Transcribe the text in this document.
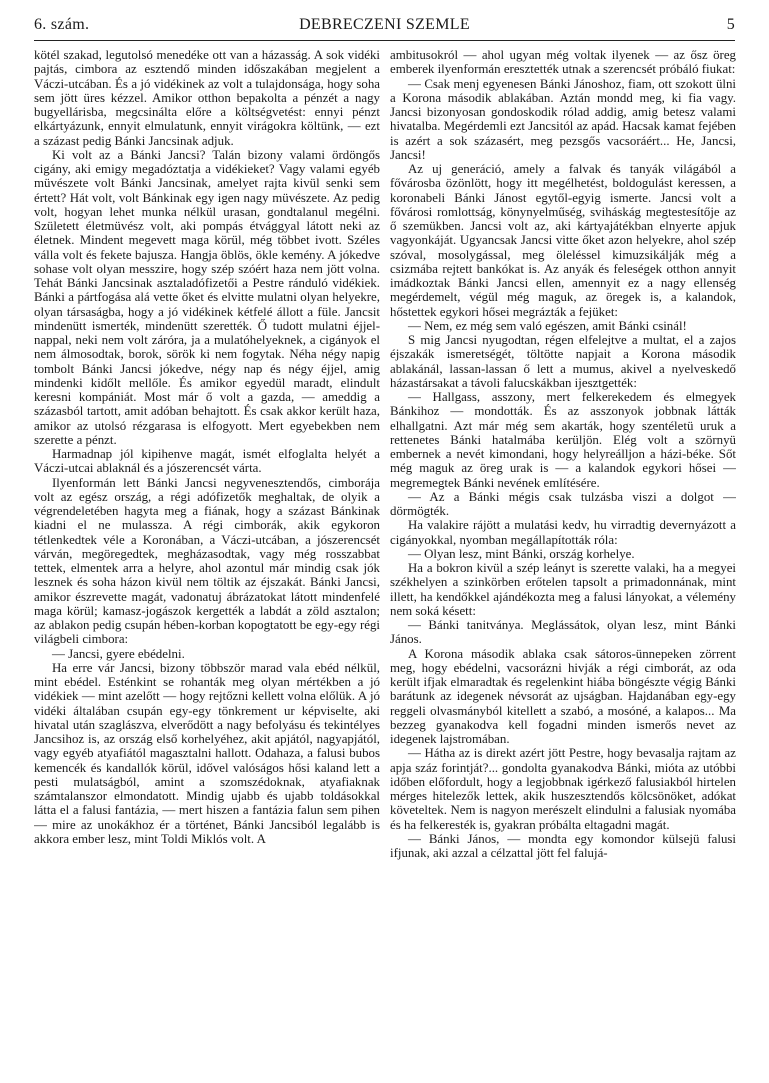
6. szám.	DEBRECZENI SZEMLE	5

kötél szakad, legutolsó menedéke ott van a házasság. A sok vidéki pajtás, cimbora az esztendő minden időszakában megjelent a Váczi-utcában. És a jó vidékinek az volt a tulajdonsága, hogy soha sem jött üres kézzel. Amikor otthon bepakolta a pénzét a nagy bugyellárisba, megcsinálta előre a költségvetést: ennyi pénzt elkártyázunk, ennyit elmulatunk, ennyit virágokra költünk, — ezt a százast pedig Bánki Jancsinak adjuk.

Ki volt az a Bánki Jancsi? Talán bizony valami ördöngős cigány, aki emigy megadóztatja a vidékieket? Vagy valami egyéb müvészete volt Bánki Jancsinak, amelyet rajta kivül senki sem értett? Hát volt, volt Bánkinak egy igen nagy müvészete. Az pedig volt, hogyan lehet munka nélkül urasan, gondtalanul megélni. Született életmüvész volt, aki pompás étvággyal látott neki az életnek. Mindent megevett maga körül, még többet ivott. Széles válla volt és fekete bajusza. Hangja öblös, ökle kemény. A jókedve sohase volt olyan messzire, hogy szép szóért haza nem jött volna. Tehát Bánki Jancsinak asztaladófizetői a Pestre ránduló vidékiek. Bánki a pártfogása alá vette őket és elvitte mulatni olyan helyekre, olyan társaságba, hogy a jó vidékinek kétfelé állott a füle. Jancsit mindenütt ismerték, mindenütt szerették. Ő tudott mulatni éjjel-nappal, neki nem volt záróra, ja a mulatóhelyeknek, a cigányok el nem álmosodtak, borok, sörök ki nem fogytak. Néha négy napig tombolt Bánki Jancsi jókedve, négy nap és négy éjjel, amig mindenki kidőlt mellőle. És amikor egyedül maradt, elindult keresni kompániát. Most már ő volt a gazda, — ameddig a százasból tartott, amit adóban behajtott. És csak akkor került haza, amikor az utolsó rézgarasa is elfogyott. Mert egyebekben nem szerette a pénzt.

Harmadnap jól kipihenve magát, ismét elfoglalta helyét a Váczi-utcai ablaknál és a jószerencsét várta.

Ilyenformán lett Bánki Jancsi negyvenesztendős, cimborája volt az egész ország, a régi adófizetők meghaltak, de olyik a végrendeletében hagyta meg a fiának, hogy a százast Bánkinak kiadni el ne mulassza. A régi cimborák, akik egykoron tétlenkedtek véle a Koronában, a Váczi-utcában, a jószerencsét várván, megöregedtek, megházasodtak, vagy még rosszabbat tettek, elmentek arra a helyre, ahol azontul már mindig csak jók lesznek és soha házon kivül nem töltik az éjszakát. Bánki Jancsi, amikor észrevette magát, vadonatuj ábrázatokat látott mindenfelé maga körül; kamasz-jogászok kergették a labdát a zöld asztalon; az ablakon pedig csupán hében-korban kopogtatott be egy-egy régi világbeli cimbora:

— Jancsi, gyere ebédelni.

Ha erre vár Jancsi, bizony többször marad vala ebéd nélkül, mint ebédel. Esténkint se rohanták meg olyan mértékben a jó vidékiek — mint azelőtt — hogy rejtőzni kellett volna előlük. A jó vidéki általában csupán egy-egy tönkrement ur képviselte, aki hivatal után szaglászva, elverődött a nagy befolyásu és tekintélyes Jancsihoz is, az ország első korhelyéhez, akit apjától, nagyapjától, vagy egyéb atyafiától magasztalni hallott. Odahaza, a falusi bubos kemencék és kandallók körül, idővel valóságos hősi kaland lett a pesti mulatságból, amint a szomszédoknak, atyafiaknak számtalanszor elmondatott. Mindig ujabb és ujabb toldásokkal látta el a falusi fantázia, — mert hiszen a fantázia falun sem pihen — mire az unokákhoz ér a történet, Bánki Jancsiból legalább is akkora ember lesz, mint Toldi Miklós volt. A

ambitusokról — ahol ugyan még voltak ilyenek — az ősz öreg emberek ilyenformán eresztették utnak a szerencsét próbáló fiukat:

— Csak menj egyenesen Bánki Jánoshoz, fiam, ott szokott ülni a Korona második ablakában. Aztán mondd meg, ki fia vagy. Jancsi bizonyosan gondoskodik rólad addig, amig betesz valami hivatalba. Megérdemli ezt Jancsitól az apád. Hacsak kamat fejében is azért a sok százasért, meg pezsgős vacsoráért... He, Jancsi, Jancsi!

Az uj generáció, amely a falvak és tanyák világából a fővárosba özönlött, hogy itt megélhetést, boldogulást keressen, a koronabeli Bánki Jánost egytől-egyig ismerte. Jancsi volt a fővárosi romlottság, könynyelműség, sviháskág megtestesítője az ő szemükben. Jancsi volt az, aki kártyajátékban elnyerte apjuk vagyonkáját. Ugyancsak Jancsi vitte őket azon helyekre, ahol szép szóval, mosolygással, meg öleléssel kimuzsikálják még a csizmába rejtett bankókat is. Az anyák és feleségek otthon annyit imádkoztak Bánki Jancsi ellen, amennyit ez a nagy ellenség megérdemelt, végül még maguk, az öregek is, a kalandok, hőstettek egykori hősei megrázták a fejüket:

— Nem, ez még sem való egészen, amit Bánki csinál!

S mig Jancsi nyugodtan, régen elfelejtve a multat, el a zajos éjszakák ismeretségét, töltötte napjait a Korona második ablakánál, lassan-lassan ő lett a mumus, akivel a nyelveskedő házastársakat a távoli falucskákban ijesztgették:

— Hallgass, asszony, mert felkerekedem és elmegyek Bánkihoz — mondották. És az asszonyok jobbnak látták elhallgatni. Azt már még sem akarták, hogy szentéletü uruk a rettenetes Bánki hatalmába kerüljön. Elég volt a szörnyü embernek a nevét kimondani, hogy helyreálljon a házi-béke. Sőt még maguk az öreg urak is — a kalandok egykori hősei — megremegtek Bánki nevének említésére.

— Az a Bánki mégis csak tulzásba viszi a dolgot — dörmögték.

Ha valakire rájött a mulatási kedv, hu virradtig devernyázott a cigányokkal, nyomban megállapították róla:

— Olyan lesz, mint Bánki, ország korhelye.

Ha a bokron kivül a szép leányt is szerette valaki, ha a megyei székhelyen a szinkörben erőtelen tapsolt a primadonnának, mint illett, ha kendőkkel ajándékozta meg a falusi lányokat, a vélemény nem soká késett:

— Bánki tanitványa. Meglássátok, olyan lesz, mint Bánki János.

A Korona második ablaka csak sátoros-ünnepeken zörrent meg, hogy ebédelni, vacsorázni hivják a régi cimborát, az oda került ifjak elmaradtak és regelenkint hiába böngészte végig Bánki barátunk az idegenek névsorát az ujságban. Hajdanában egy-egy reggeli olvasmányból kitellett a szabó, a mosóné, a kalapos... Ma bezzeg gyanakodva kell fogadni minden ismerős nevet az idegenek lajstromában.

— Hátha az is direkt azért jött Pestre, hogy bevasalja rajtam az apja száz forintját?... gondolta gyanakodva Bánki, mióta az utóbbi időben előfordult, hogy a legjobbnak igérkező falusiakból hirtelen mérges hitelezők lettek, akik huszesztendős kölcsönöket, adókat követeltek. Nem is nagyon merészelt elindulni a falusiak nyomába és ha felkeresték is, gyakran próbálta eltagadni magát.

— Bánki János, — mondta egy komondor külsejü falusi ifjunak, aki azzal a célzattal jött fel falujá-
